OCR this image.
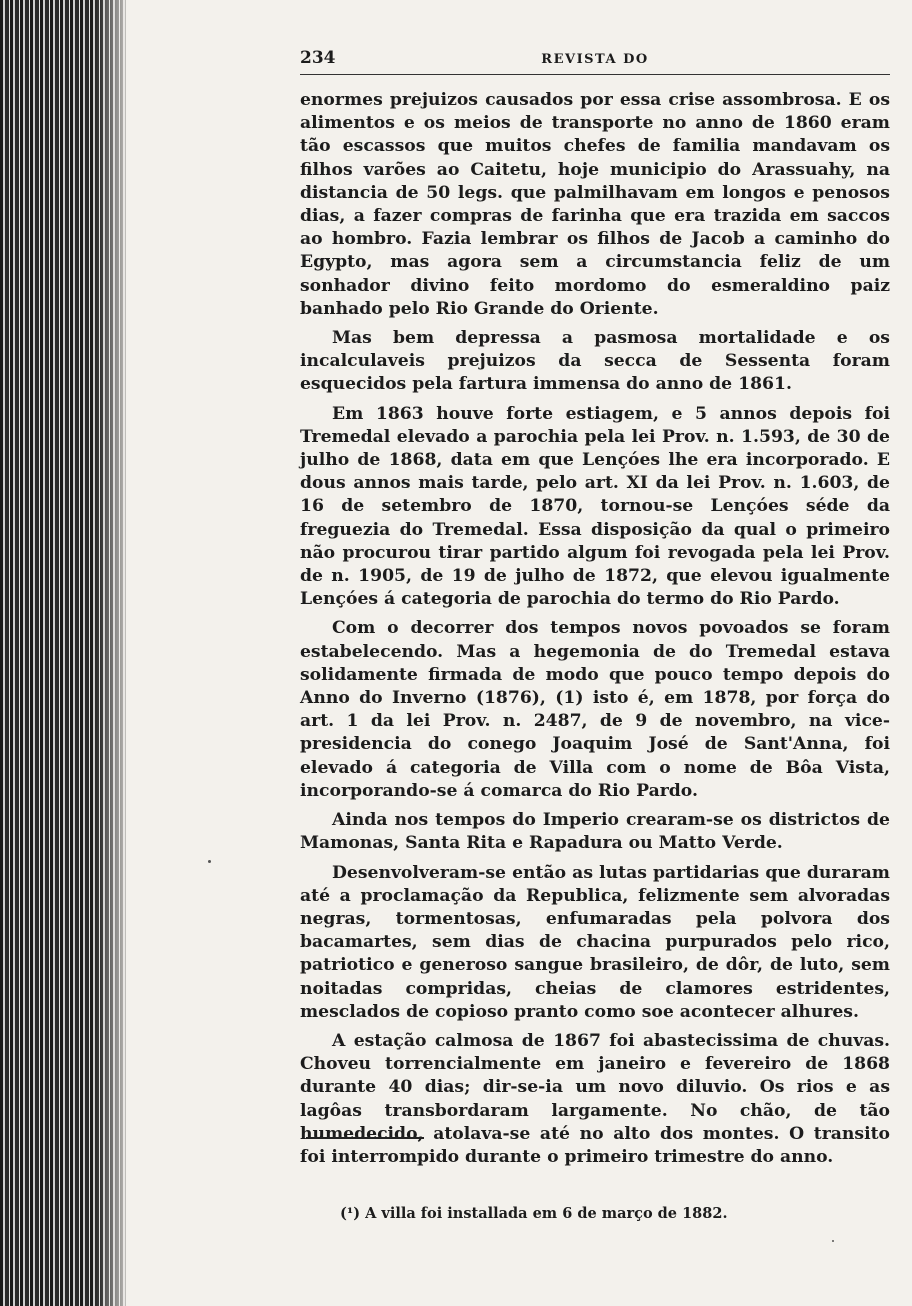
234	REVISTA DO

enormes prejuizos causados por essa crise assombrosa. E os alimentos e os meios de transporte no anno de 1860 eram tão escassos que muitos chefes de familia mandavam os filhos varões ao Caitetu, hoje municipio do Arassuahy, na distancia de 50 legs. que palmilhavam em longos e penosos dias, a fazer compras de farinha que era trazida em saccos ao hombro. Fazia lembrar os filhos de Jacob a caminho do Egypto, mas agora sem a circumstancia feliz de um sonhador divino feito mordomo do esmeraldino paiz banhado pelo Rio Grande do Oriente.

Mas bem depressa a pasmosa mortalidade e os incalculaveis prejuizos da secca de Sessenta foram esquecidos pela fartura immensa do anno de 1861.

Em 1863 houve forte estiagem, e 5 annos depois foi Tremedal elevado a parochia pela lei Prov. n. 1.593, de 30 de julho de 1868, data em que Lençóes lhe era incorporado. E dous annos mais tarde, pelo art. XI da lei Prov. n. 1.603, de 16 de setembro de 1870, tornou-se Lençóes séde da freguezia do Tremedal. Essa disposição da qual o primeiro não procurou tirar partido algum foi revogada pela lei Prov. de n. 1905, de 19 de julho de 1872, que elevou igualmente Lençóes á categoria de parochia do termo do Rio Pardo.

Com o decorrer dos tempos novos povoados se foram estabelecendo. Mas a hegemonia de do Tremedal estava solidamente firmada de modo que pouco tempo depois do Anno do Inverno (1876), (1) isto é, em 1878, por força do art. 1 da lei Prov. n. 2487, de 9 de novembro, na vice-presidencia do conego Joaquim José de Sant'Anna, foi elevado á categoria de Villa com o nome de Bôa Vista, incorporando-se á comarca do Rio Pardo.

Ainda nos tempos do Imperio crearam-se os districtos de Mamonas, Santa Rita e Rapadura ou Matto Verde.

Desenvolveram-se então as lutas partidarias que duraram até a proclamação da Republica, felizmente sem alvoradas negras, tormentosas, enfumaradas pela polvora dos bacamartes, sem dias de chacina purpurados pelo rico, patriotico e generoso sangue brasileiro, de dôr, de luto, sem noitadas compridas, cheias de clamores estridentes, mesclados de copioso pranto como soe acontecer alhures.

A estação calmosa de 1867 foi abastecissima de chuvas. Choveu torrencialmente em janeiro e fevereiro de 1868 durante 40 dias; dir-se-ia um novo diluvio. Os rios e as lagôas transbordaram largamente. No chão, de tão humedecido, atolava-se até no alto dos montes. O transito foi interrompido durante o primeiro trimestre do anno.

(¹) A villa foi installada em 6 de março de 1882.
